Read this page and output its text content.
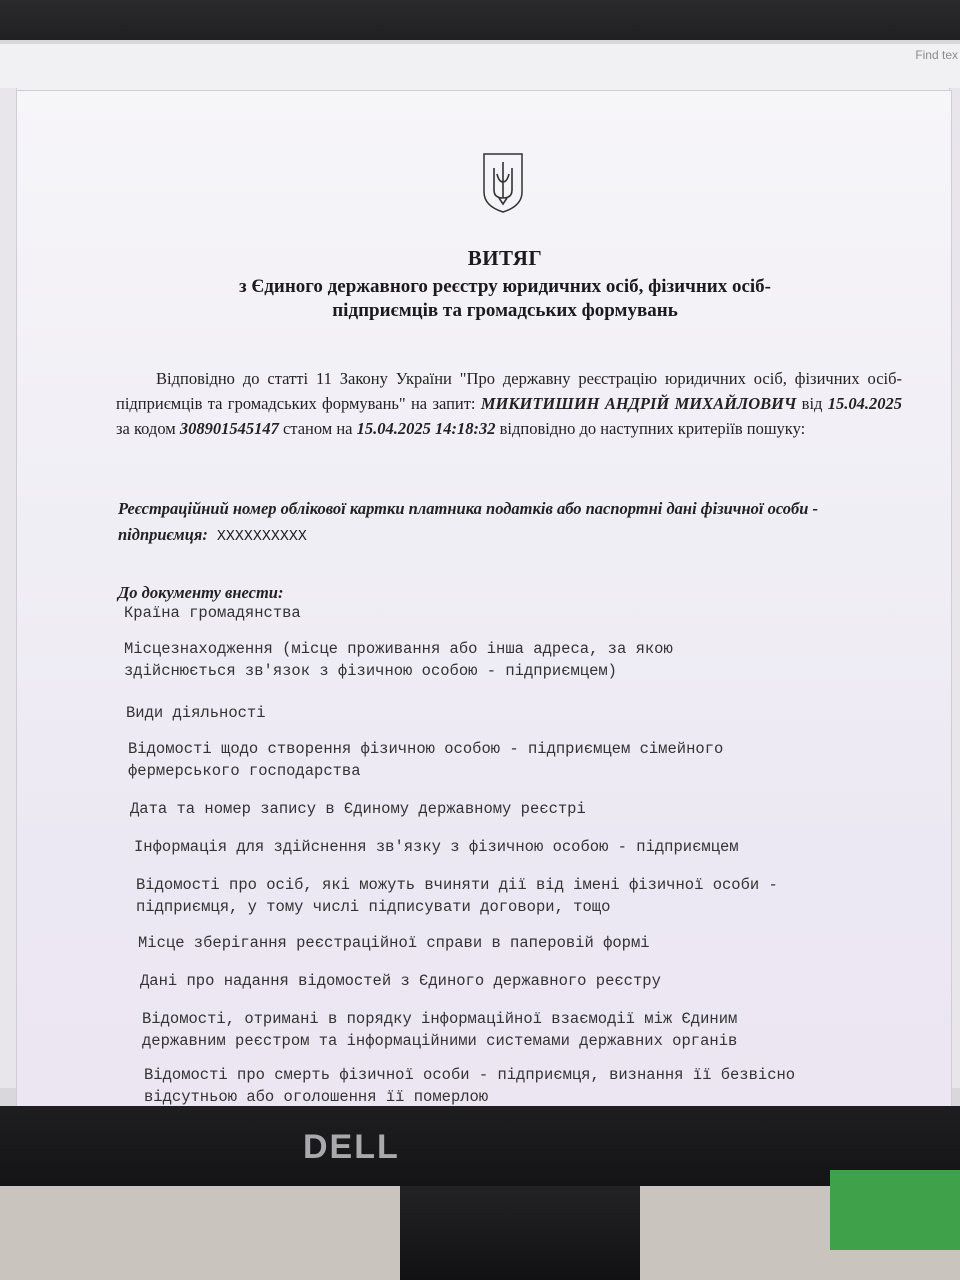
Find tex
ВИТЯГ
з Єдиного державного реєстру юридичних осіб, фізичних осіб-
підприємців та громадських формувань
Відповідно до статті 11 Закону України "Про державну реєстрацію юридичних осіб, фізичних осіб-підприємців та громадських формувань" на запит: МИКИТИШИН АНДРІЙ МИХАЙЛОВИЧ від 15.04.2025 за кодом 308901545147 станом на 15.04.2025 14:18:32 відповідно до наступних критеріїв пошуку:
Реєстраційний номер облікової картки платника податків або паспортні дані фізичної особи - підприємця: XXXXXXXXXX
До документу внести:
Країна громадянства
Місцезнаходження (місце проживання або інша адреса, за якою
здійснюється зв'язок з фізичною особою - підприємцем)
Види діяльності
Відомості щодо створення фізичною особою - підприємцем сімейного
фермерського господарства
Дата та номер запису в Єдиному державному реєстрі
Інформація для здійснення зв'язку з фізичною особою - підприємцем
Відомості про осіб, які можуть вчиняти дії від імені фізичної особи -
підприємця, у тому числі підписувати договори, тощо
Місце зберігання реєстраційної справи в паперовій формі
Дані про надання відомостей з Єдиного державного реєстру
Відомості, отримані в порядку інформаційної взаємодії між Єдиним
державним реєстром та інформаційними системами державних органів
Відомості про смерть фізичної особи - підприємця, визнання її безвісно
відсутньою або оголошення її померлою
DELL
